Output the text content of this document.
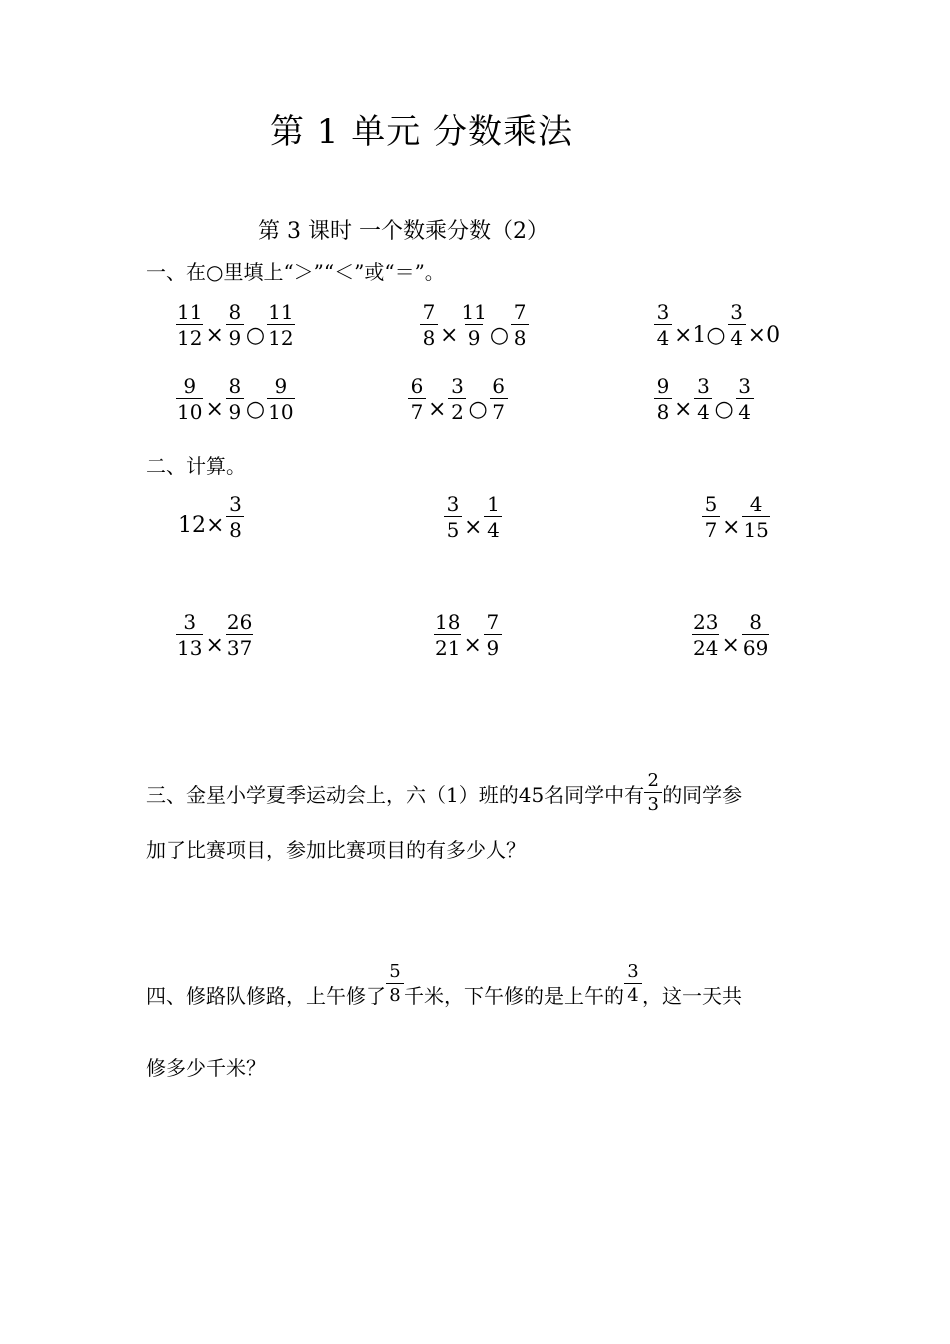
第 1 单元 分数乘法
第 3 课时 一个数乘分数（2）
一、在○里填上“＞”“＜”或“＝”。
$\frac{11}{12} \times \frac{8}{9}$ ○ $\frac{11}{12}$	$\frac{7}{8} \times \frac{11}{9}$ ○ $\frac{7}{8}$	$\frac{3}{4}$ ×1○ $\frac{3}{4} \times 0$
$\frac{9}{10} \times \frac{8}{9}$ ○ $\frac{9}{10}$	$\frac{6}{7} \times \frac{3}{2}$ ○ $\frac{6}{7}$	$\frac{9}{8} \times \frac{3}{4}$ ○ $\frac{3}{4}$
二、计算。
$12\times \frac{3}{8}$	$\frac{3}{5} \times \frac{1}{4}$	$\frac{5}{7} \times \frac{4}{15}$
$\frac{3}{13} \times \frac{26}{37}$	$\frac{18}{21} \times \frac{7}{9}$	$\frac{23}{24} \times \frac{8}{69}$
三、金星小学夏季运动会上，六（1）班的45名同学中有 $\frac{2}{3}$ 的同学参
加了比赛项目，参加比赛项目的有多少人？
四、修路队修路，上午修了 $\frac{5}{8}$ 千米，下午修的是上午的 $\frac{3}{4}$ ，这一天共
修多少千米？
